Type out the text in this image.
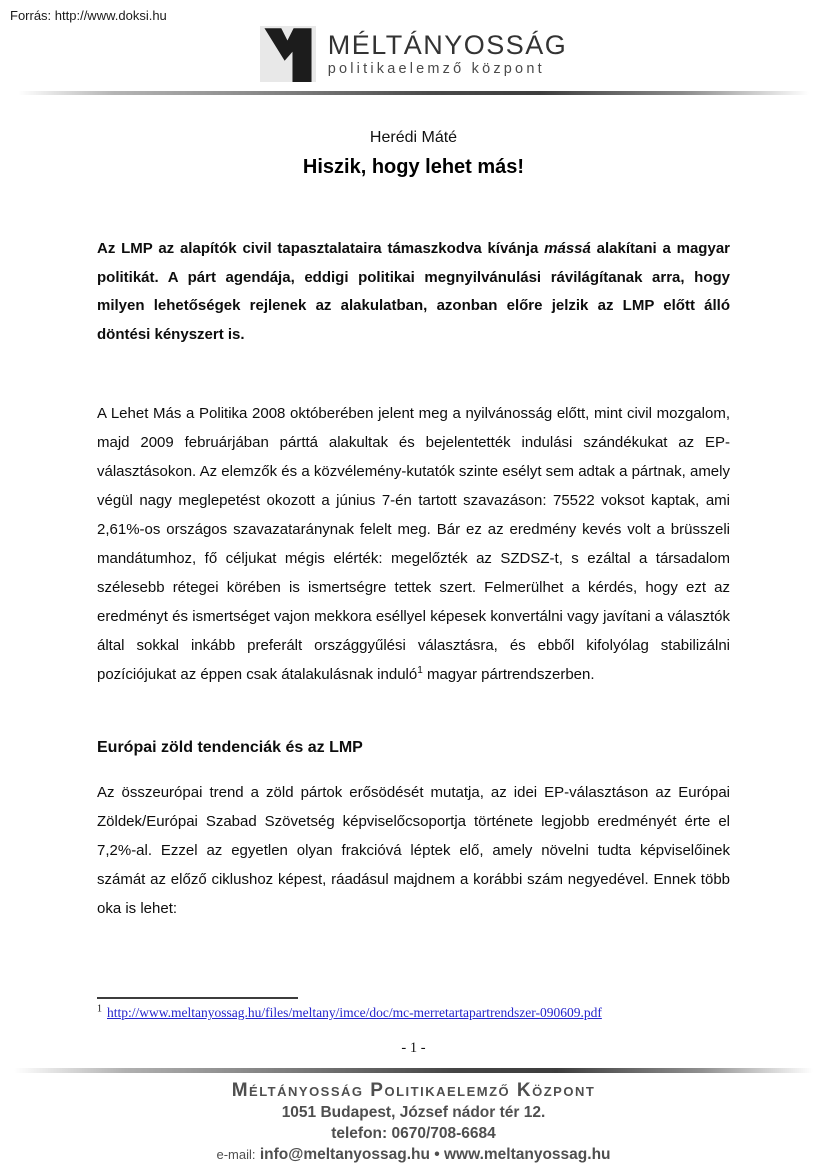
Forrás: http://www.doksi.hu
MÉLTÁNYOSSÁG
politikaelemző központ
Herédi Máté
Hiszik, hogy lehet más!

Az LMP az alapítók civil tapasztalataira támaszkodva kívánja mássá alakítani a magyar politikát. A párt agendája, eddigi politikai megnyilvánulási rávilágítanak arra, hogy milyen lehetőségek rejlenek az alakulatban, azonban előre jelzik az LMP előtt álló döntési kényszert is.

A Lehet Más a Politika 2008 októberében jelent meg a nyilvánosság előtt, mint civil mozgalom, majd 2009 februárjában párttá alakultak és bejelentették indulási szándékukat az EP-választásokon. Az elemzők és a közvélemény-kutatók szinte esélyt sem adtak a pártnak, amely végül nagy meglepetést okozott a június 7-én tartott szavazáson: 75522 voksot kaptak, ami 2,61%-os országos szavazataránynak felelt meg. Bár ez az eredmény kevés volt a brüsszeli mandátumhoz, fő céljukat mégis elérték: megelőzték az SZDSZ-t, s ezáltal a társadalom szélesebb rétegei körében is ismertségre tettek szert. Felmerülhet a kérdés, hogy ezt az eredményt és ismertséget vajon mekkora eséllyel képesek konvertálni vagy javítani a választók által sokkal inkább preferált országgyűlési választásra, és ebből kifolyólag stabilizálni pozíciójukat az éppen csak átalakulásnak induló$^1$ magyar pártrendszerben.

Európai zöld tendenciák és az LMP

Az összeurópai trend a zöld pártok erősödését mutatja, az idei EP-választáson az Európai Zöldek/Európai Szabad Szövetség képviselőcsoportja története legjobb eredményét érte el 7,2%-al. Ezzel az egyetlen olyan frakcióvá léptek elő, amely növelni tudta képviselőinek számát az előző ciklushoz képest, ráadásul majdnem a korábbi szám negyedével. Ennek több oka is lehet:

$^1$ http://www.meltanyossag.hu/files/meltany/imce/doc/mc-merretartapartrendszer-090609.pdf

- 1 -
Méltányosság Politikaelemző Központ
1051 Budapest, József nádor tér 12.
telefon: 0670/708-6684
e-mail: info@meltanyossag.hu • www.meltanyossag.hu
